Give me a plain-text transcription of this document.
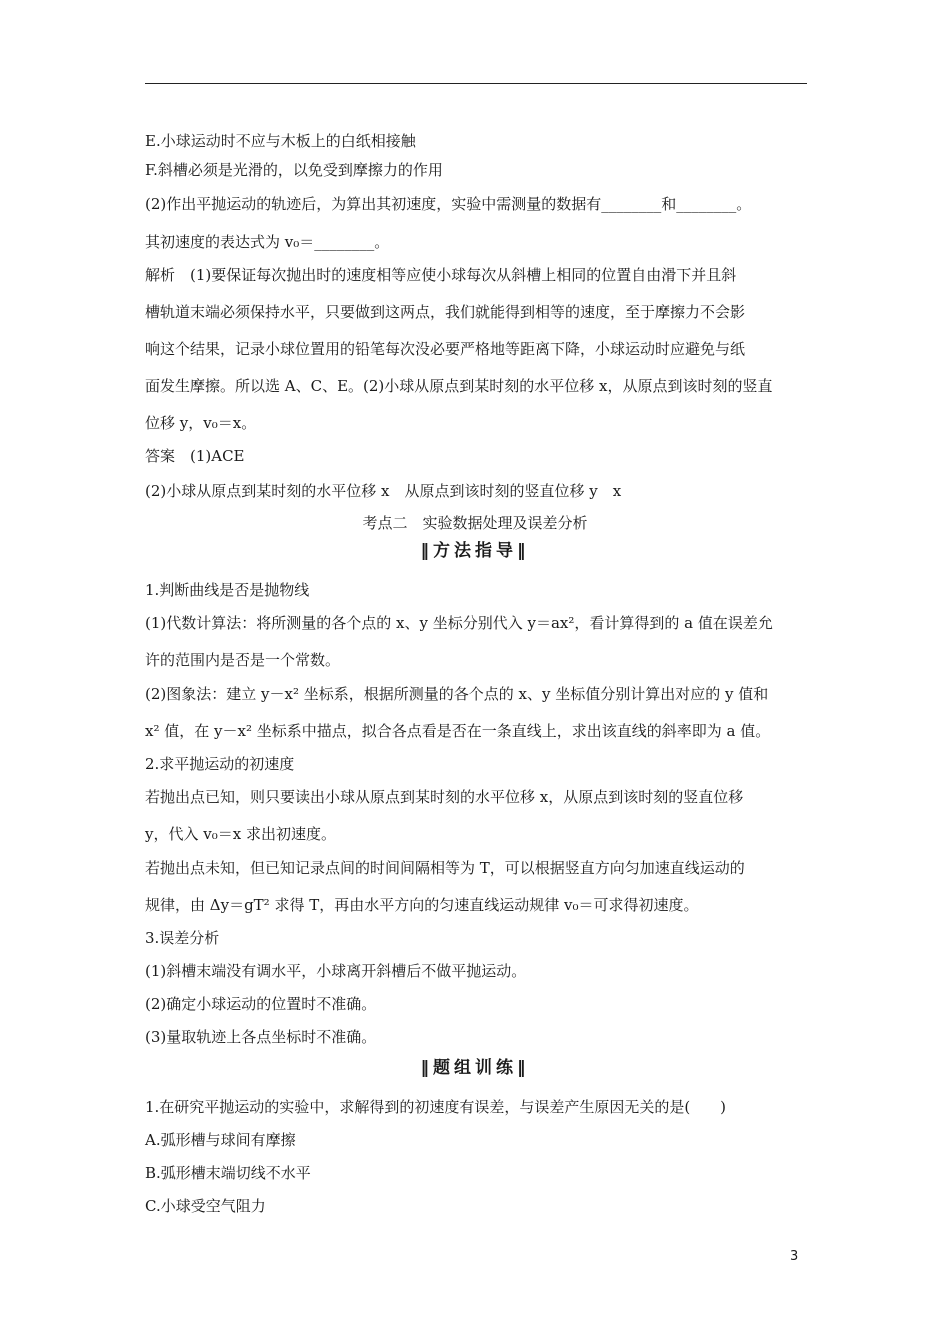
E.小球运动时不应与木板上的白纸相接触
F.斜槽必须是光滑的，以免受到摩擦力的作用
(2)作出平抛运动的轨迹后，为算出其初速度，实验中需测量的数据有________和________。
其初速度的表达式为 v₀＝________。
解析　(1)要保证每次抛出时的速度相等应使小球每次从斜槽上相同的位置自由滑下并且斜
槽轨道末端必须保持水平，只要做到这两点，我们就能得到相等的速度，至于摩擦力不会影
响这个结果，记录小球位置用的铅笔每次没必要严格地等距离下降，小球运动时应避免与纸
面发生摩擦。所以选 A、C、E。(2)小球从原点到某时刻的水平位移 x，从原点到该时刻的竖直
位移 y，v₀＝x。
答案　(1)ACE
(2)小球从原点到某时刻的水平位移 x　从原点到该时刻的竖直位移 y　x
考点二　实验数据处理及误差分析
‖方法指导‖
1.判断曲线是否是抛物线
(1)代数计算法：将所测量的各个点的 x、y 坐标分别代入 y＝ax²，看计算得到的 a 值在误差允
许的范围内是否是一个常数。
(2)图象法：建立 y－x² 坐标系，根据所测量的各个点的 x、y 坐标值分别计算出对应的 y 值和
x² 值，在 y－x² 坐标系中描点，拟合各点看是否在一条直线上，求出该直线的斜率即为 a 值。
2.求平抛运动的初速度
若抛出点已知，则只要读出小球从原点到某时刻的水平位移 x，从原点到该时刻的竖直位移
y，代入 v₀＝x 求出初速度。
若抛出点未知，但已知记录点间的时间间隔相等为 T，可以根据竖直方向匀加速直线运动的
规律，由 Δy＝gT² 求得 T，再由水平方向的匀速直线运动规律 v₀＝可求得初速度。
3.误差分析
(1)斜槽末端没有调水平，小球离开斜槽后不做平抛运动。
(2)确定小球运动的位置时不准确。
(3)量取轨迹上各点坐标时不准确。
‖题组训练‖
1.在研究平抛运动的实验中，求解得到的初速度有误差，与误差产生原因无关的是(　　)
A.弧形槽与球间有摩擦
B.弧形槽末端切线不水平
C.小球受空气阻力
3
